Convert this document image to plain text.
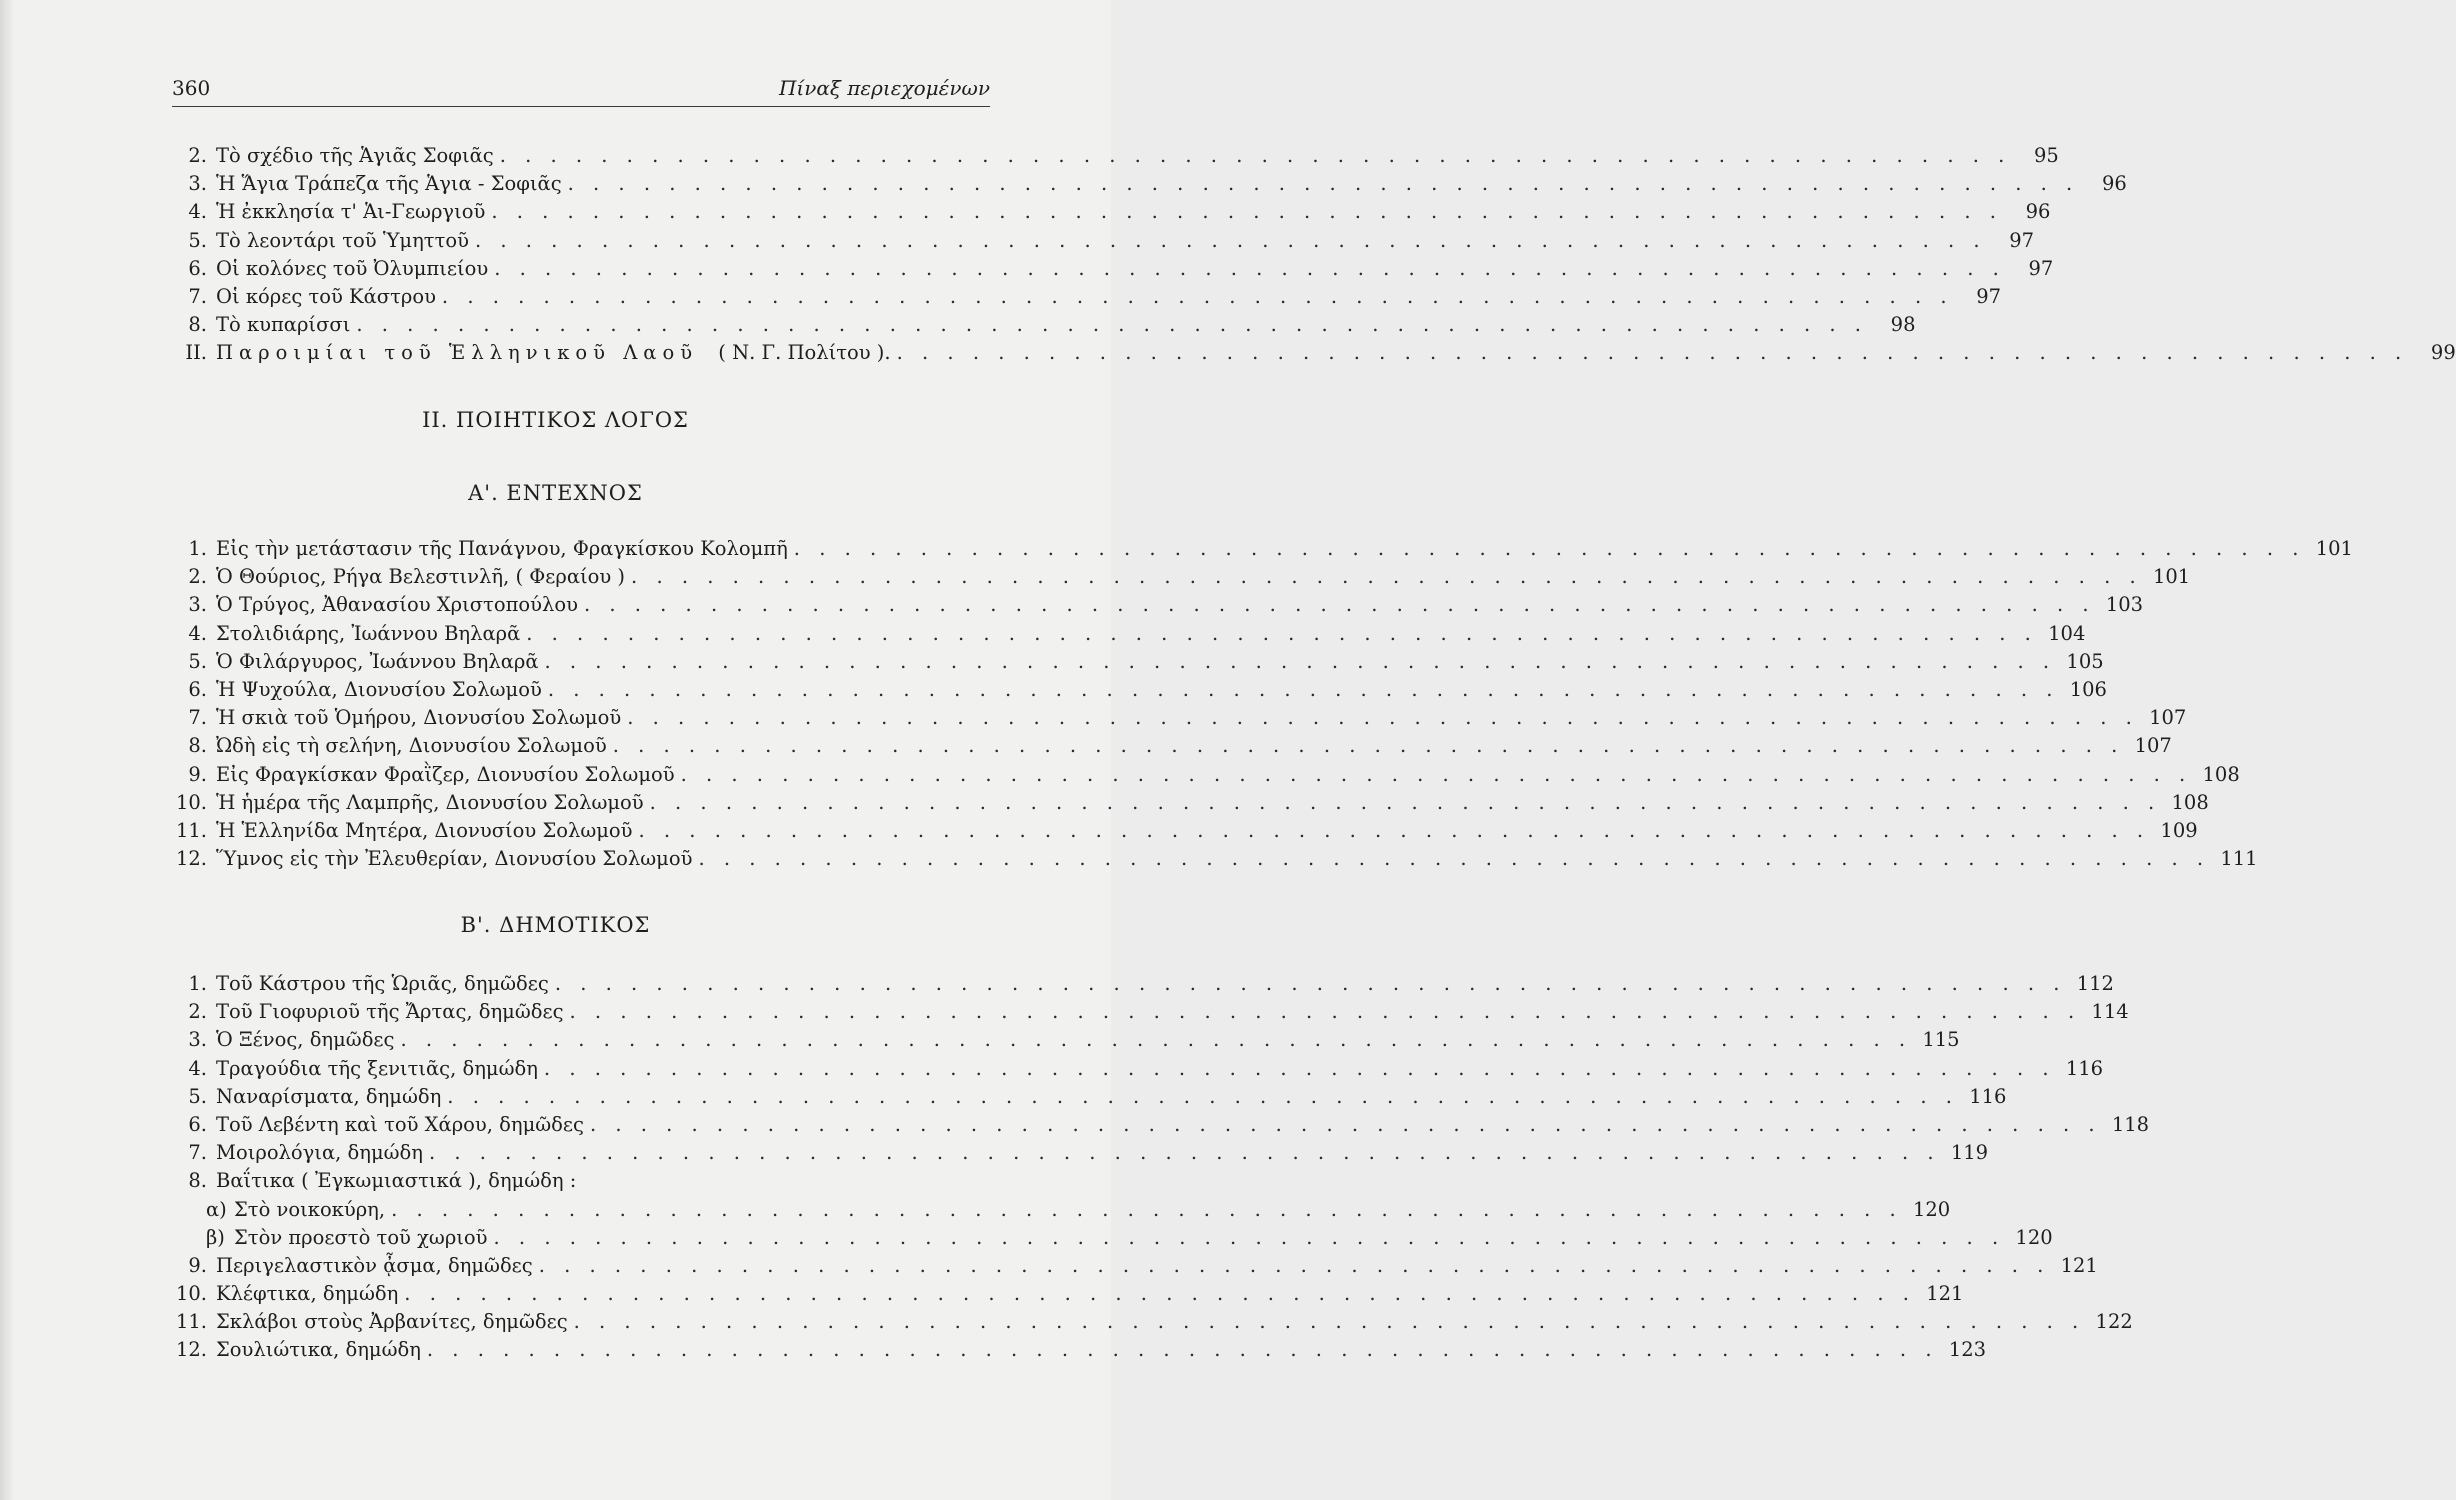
360	Πίναξ περιεχομένων
2. Τὸ σχέδιο τῆς Ἁγιᾶς Σοφιᾶς . . . . . . . . . . . . . . . . . . . . . . . . . . . . . . . . . . . . . . . . . . . . . . . . . . . . . . . . . . . .	95
3. Ἡ Ἅγια Τράπεζα τῆς Ἁγια - Σοφιᾶς . . . . . . . . . . . . . . . . . . . . . . . . . . . . . . . . . . . . . . . . . . . . . . . . . . . . . . . . . . . .	96
4. Ἡ ἐκκλησία τ' Ἁι-Γεωργιοῦ . . . . . . . . . . . . . . . . . . . . . . . . . . . . . . . . . . . . . . . . . . . . . . . . . . . . . . . . . . . .	96
5. Τὸ λεοντάρι τοῦ Ὑμηττοῦ . . . . . . . . . . . . . . . . . . . . . . . . . . . . . . . . . . . . . . . . . . . . . . . . . . . . . . . . . . . .	97
6. Οἱ κολόνες τοῦ Ὀλυμπιείου . . . . . . . . . . . . . . . . . . . . . . . . . . . . . . . . . . . . . . . . . . . . . . . . . . . . . . . . . . . .	97
7. Οἱ κόρες τοῦ Κάστρου . . . . . . . . . . . . . . . . . . . . . . . . . . . . . . . . . . . . . . . . . . . . . . . . . . . . . . . . . . . .	97
8. Τὸ κυπαρίσσι . . . . . . . . . . . . . . . . . . . . . . . . . . . . . . . . . . . . . . . . . . . . . . . . . . . . . . . . . . . .	98
II. Παροιμίαι τοῦ Ἑλληνικοῦ Λαοῦ ( Ν. Γ. Πολίτου ). . . . . . . . . . . . . . . . . . . . . . . . . . . . . . . . . . . . . . . . . . . . . . . . . . . . . . . . . . . . .	99
II. ΠΟΙΗΤΙΚΟΣ ΛΟΓΟΣ
Α'. ΕΝΤΕΧΝΟΣ
1. Εἰς τὴν μετάστασιν τῆς Πανάγνου, Φραγκίσκου Κολομπῆ . . . . . . . . . . . . . . . . . . . . . . . . . . . . . . . . . . . . . . . . . . . . . . . . . . . . . . . . . . . . 101
2. Ὁ Θούριος, Ρήγα Βελεστινλῆ, ( Φεραίου ) . . . . . . . . . . . . . . . . . . . . . . . . . . . . . . . . . . . . . . . . . . . . . . . . . . . . . . . . . . . . 101
3. Ὁ Τρύγος, Ἀθανασίου Χριστοπούλου . . . . . . . . . . . . . . . . . . . . . . . . . . . . . . . . . . . . . . . . . . . . . . . . . . . . . . . . . . . . 103
4. Στολιδιάρης, Ἰωάννου Βηλαρᾶ . . . . . . . . . . . . . . . . . . . . . . . . . . . . . . . . . . . . . . . . . . . . . . . . . . . . . . . . . . . . 104
5. Ὁ Φιλάργυρος, Ἰωάννου Βηλαρᾶ . . . . . . . . . . . . . . . . . . . . . . . . . . . . . . . . . . . . . . . . . . . . . . . . . . . . . . . . . . . . 105
6. Ἡ Ψυχούλα, Διονυσίου Σολωμοῦ . . . . . . . . . . . . . . . . . . . . . . . . . . . . . . . . . . . . . . . . . . . . . . . . . . . . . . . . . . . . 106
7. Ἡ σκιὰ τοῦ Ὁμήρου, Διονυσίου Σολωμοῦ . . . . . . . . . . . . . . . . . . . . . . . . . . . . . . . . . . . . . . . . . . . . . . . . . . . . . . . . . . . . 107
8. Ὠδὴ εἰς τὴ σελήνη, Διονυσίου Σολωμοῦ . . . . . . . . . . . . . . . . . . . . . . . . . . . . . . . . . . . . . . . . . . . . . . . . . . . . . . . . . . . . 107
9. Εἰς Φραγκίσκαν Φραῒζερ, Διονυσίου Σολωμοῦ . . . . . . . . . . . . . . . . . . . . . . . . . . . . . . . . . . . . . . . . . . . . . . . . . . . . . . . . . . . . 108
10. Ἡ ἡμέρα τῆς Λαμπρῆς, Διονυσίου Σολωμοῦ . . . . . . . . . . . . . . . . . . . . . . . . . . . . . . . . . . . . . . . . . . . . . . . . . . . . . . . . . . . . 108
11. Ἡ Ἑλληνίδα Μητέρα, Διονυσίου Σολωμοῦ . . . . . . . . . . . . . . . . . . . . . . . . . . . . . . . . . . . . . . . . . . . . . . . . . . . . . . . . . . . . 109
12. Ὕμνος εἰς τὴν Ἐλευθερίαν, Διονυσίου Σολωμοῦ . . . . . . . . . . . . . . . . . . . . . . . . . . . . . . . . . . . . . . . . . . . . . . . . . . . . . . . . . . . . 111
Β'. ΔΗΜΟΤΙΚΟΣ
1. Τοῦ Κάστρου τῆς Ὡριᾶς, δημῶδες . . . . . . . . . . . . . . . . . . . . . . . . . . . . . . . . . . . . . . . . . . . . . . . . . . . . . . . . . . . . 112
2. Τοῦ Γιοφυριοῦ τῆς Ἄρτας, δημῶδες . . . . . . . . . . . . . . . . . . . . . . . . . . . . . . . . . . . . . . . . . . . . . . . . . . . . . . . . . . . . 114
3. Ὁ Ξένος, δημῶδες . . . . . . . . . . . . . . . . . . . . . . . . . . . . . . . . . . . . . . . . . . . . . . . . . . . . . . . . . . . . 115
4. Τραγούδια τῆς ξενιτιᾶς, δημώδη . . . . . . . . . . . . . . . . . . . . . . . . . . . . . . . . . . . . . . . . . . . . . . . . . . . . . . . . . . . . 116
5. Ναναρίσματα, δημώδη . . . . . . . . . . . . . . . . . . . . . . . . . . . . . . . . . . . . . . . . . . . . . . . . . . . . . . . . . . . . 116
6. Τοῦ Λεβέντη καὶ τοῦ Χάρου, δημῶδες . . . . . . . . . . . . . . . . . . . . . . . . . . . . . . . . . . . . . . . . . . . . . . . . . . . . . . . . . . . . 118
7. Μοιρολόγια, δημώδη . . . . . . . . . . . . . . . . . . . . . . . . . . . . . . . . . . . . . . . . . . . . . . . . . . . . . . . . . . . . 119
8. Βαΐτικα ( Ἐγκωμιαστικά ), δημώδη :
α) Στὸ νοικοκύρη, . . . . . . . . . . . . . . . . . . . . . . . . . . . . . . . . . . . . . . . . . . . . . . . . . . . . . . . . . . . . 120
β) Στὸν προεστὸ τοῦ χωριοῦ . . . . . . . . . . . . . . . . . . . . . . . . . . . . . . . . . . . . . . . . . . . . . . . . . . . . . . . . . . . . 120
9. Περιγελαστικὸν ᾆσμα, δημῶδες . . . . . . . . . . . . . . . . . . . . . . . . . . . . . . . . . . . . . . . . . . . . . . . . . . . . . . . . . . . . 121
10. Κλέφτικα, δημώδη . . . . . . . . . . . . . . . . . . . . . . . . . . . . . . . . . . . . . . . . . . . . . . . . . . . . . . . . . . . . 121
11. Σκλάβοι στοὺς Ἀρβανίτες, δημῶδες . . . . . . . . . . . . . . . . . . . . . . . . . . . . . . . . . . . . . . . . . . . . . . . . . . . . . . . . . . . . 122
12. Σουλιώτικα, δημώδη . . . . . . . . . . . . . . . . . . . . . . . . . . . . . . . . . . . . . . . . . . . . . . . . . . . . . . . . . . . . 123
